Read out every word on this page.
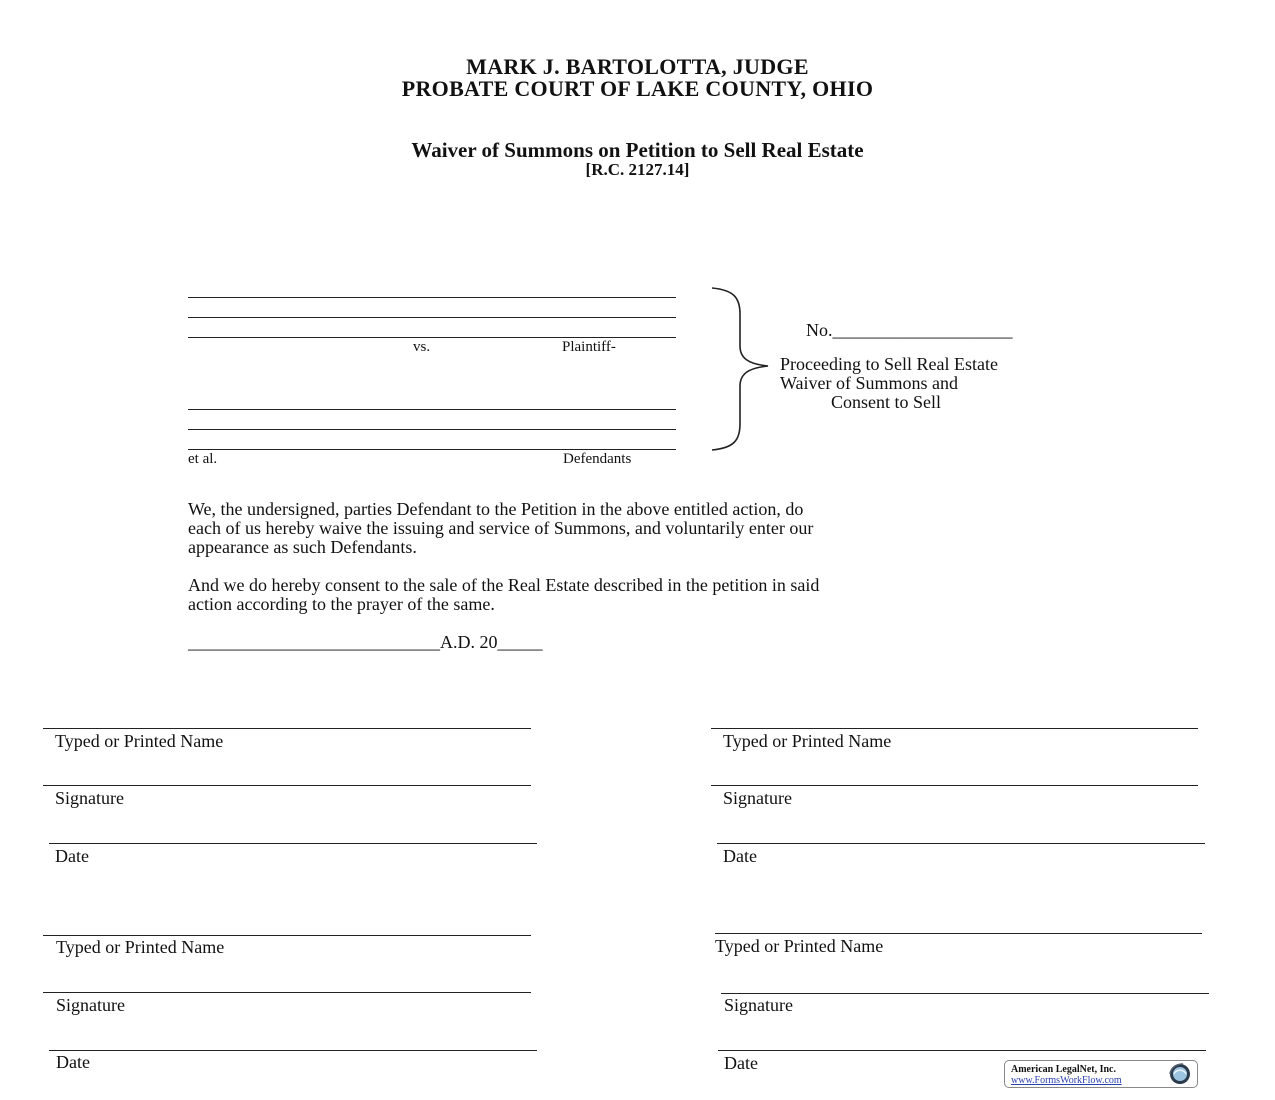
MARK J. BARTOLOTTA, JUDGE
PROBATE COURT OF LAKE COUNTY, OHIO
Waiver of Summons on Petition to Sell Real Estate
[R.C. 2127.14]
vs.	Plaintiff-
et al.	Defendants
No.____________________
Proceeding to Sell Real Estate
Waiver of Summons and
Consent to Sell
We, the undersigned, parties Defendant to the Petition in the above entitled action, do
each of us hereby waive the issuing and service of Summons, and voluntarily enter our
appearance as such Defendants.
And we do hereby consent to the sale of the Real Estate described in the petition in said
action according to the prayer of the same.
____________________________A.D. 20_____
Typed or Printed Name
Signature
Date
Typed or Printed Name
Signature
Date
Typed or Printed Name
Signature
Date
Typed or Printed Name
Signature
Date	American LegalNet, Inc.
www.FormsWorkFlow.com
